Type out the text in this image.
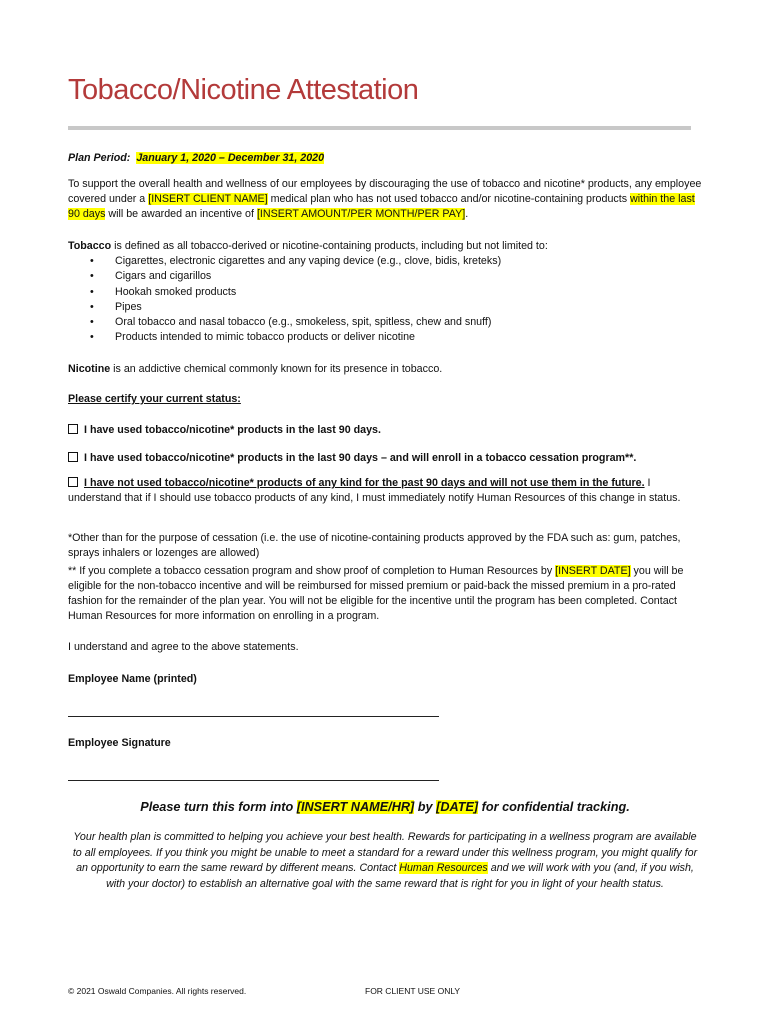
Tobacco/Nicotine Attestation

Plan Period: January 1, 2020 – December 31, 2020

To support the overall health and wellness of our employees by discouraging the use of tobacco and nicotine* products, any employee covered under a [INSERT CLIENT NAME] medical plan who has not used tobacco and/or nicotine-containing products within the last 90 days will be awarded an incentive of [INSERT AMOUNT/PER MONTH/PER PAY].

Tobacco is defined as all tobacco-derived or nicotine-containing products, including but not limited to:

• Cigarettes, electronic cigarettes and any vaping device (e.g., clove, bidis, kreteks)
• Cigars and cigarillos
• Hookah smoked products
• Pipes
• Oral tobacco and nasal tobacco (e.g., smokeless, spit, spitless, chew and snuff)
• Products intended to mimic tobacco products or deliver nicotine

Nicotine is an addictive chemical commonly known for its presence in tobacco.

Please certify your current status:

I have used tobacco/nicotine* products in the last 90 days.

I have used tobacco/nicotine* products in the last 90 days – and will enroll in a tobacco cessation program**.

I have not used tobacco/nicotine* products of any kind for the past 90 days and will not use them in the future. I understand that if I should use tobacco products of any kind, I must immediately notify Human Resources of this change in status.

*Other than for the purpose of cessation (i.e. the use of nicotine-containing products approved by the FDA such as: gum, patches, sprays inhalers or lozenges are allowed)

** If you complete a tobacco cessation program and show proof of completion to Human Resources by [INSERT DATE] you will be eligible for the non-tobacco incentive and will be reimbursed for missed premium or paid-back the missed premium in a pro-rated fashion for the remainder of the plan year. You will not be eligible for the incentive until the program has been completed. Contact Human Resources for more information on enrolling in a program.

I understand and agree to the above statements.

Employee Name (printed)

Employee Signature

Please turn this form into [INSERT NAME/HR] by [DATE] for confidential tracking.

Your health plan is committed to helping you achieve your best health. Rewards for participating in a wellness program are available to all employees. If you think you might be unable to meet a standard for a reward under this wellness program, you might qualify for an opportunity to earn the same reward by different means. Contact Human Resources and we will work with you (and, if you wish, with your doctor) to establish an alternative goal with the same reward that is right for you in light of your health status.

© 2021 Oswald Companies. All rights reserved.	FOR CLIENT USE ONLY
